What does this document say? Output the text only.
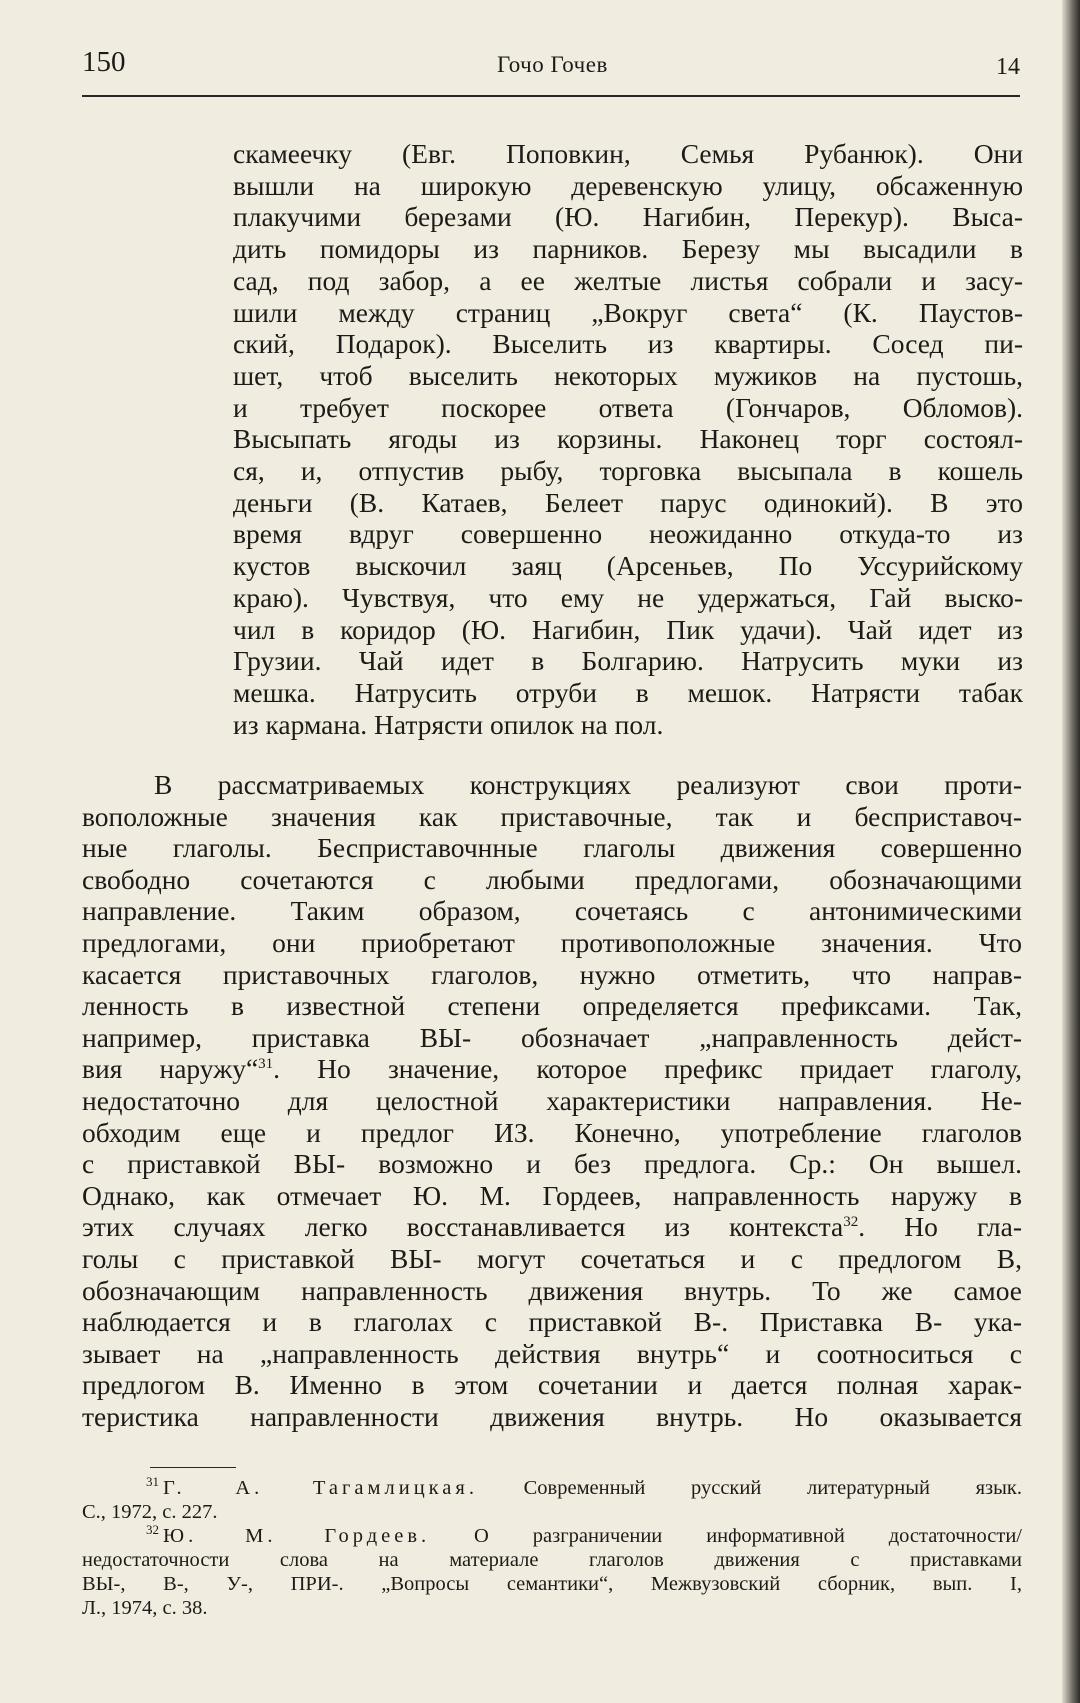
150	Гочо Гочев	14
скамеечку (Евг. Поповкин, Семья Рубанюк). Они
вышли на широкую деревенскую улицу, обсаженную
плакучими березами (Ю. Нагибин, Перекур). Выса-
дить помидоры из парников. Березу мы высадили в
сад, под забор, а ее желтые листья собрали и засу-
шили между страниц „Вокруг света“ (К. Паустов-
ский, Подарок). Выселить из квартиры. Сосед пи-
шет, чтоб выселить некоторых мужиков на пустошь,
и требует поскорее ответа (Гончаров, Обломов).
Высыпать ягоды из корзины. Наконец торг состоял-
ся, и, отпустив рыбу, торговка высыпала в кошель
деньги (В. Катаев, Белеет парус одинокий). В это
время вдруг совершенно неожиданно откуда-то из
кустов выскочил заяц (Арсеньев, По Уссурийскому
краю). Чувствуя, что ему не удержаться, Гай выско-
чил в коридор (Ю. Нагибин, Пик удачи). Чай идет из
Грузии. Чай идет в Болгарию. Натрусить муки из
мешка. Натрусить отруби в мешок. Натрясти табак
из кармана. Натрясти опилок на пол.
В рассматриваемых конструкциях реализуют свои проти-
воположные значения как приставочные, так и бесприставоч-
ные глаголы. Бесприставочнные глаголы движения совершенно
свободно сочетаются с любыми предлогами, обозначающими
направление. Таким образом, сочетаясь с антонимическими
предлогами, они приобретают противоположные значения. Что
касается приставочных глаголов, нужно отметить, что направ-
ленность в известной степени определяется префиксами. Так,
например, приставка ВЫ- обозначает „направленность дейст-
вия наружу“$^{31}$. Но значение, которое префикс придает глаголу,
недостаточно для целостной характеристики направления. Не-
обходим еще и предлог ИЗ. Конечно, употребление глаголов
с приставкой ВЫ- возможно и без предлога. Ср.: Он вышел.
Однако, как отмечает Ю. М. Гордеев, направленность наружу в
этих случаях легко восстанавливается из контекста$^{32}$. Но гла-
голы с приставкой ВЫ- могут сочетаться и с предлогом В,
обозначающим направленность движения внутрь. То же самое
наблюдается и в глаголах с приставкой В-. Приставка В- ука-
зывает на „направленность действия внутрь“ и соотноситься с
предлогом В. Именно в этом сочетании и дается полная харак-
теристика направленности движения внутрь. Но оказывается
$^{31}$ Г. А. Тагамлицкая. Современный русский литературный язык.
С., 1972, с. 227.
$^{32}$ Ю. М. Гордеев. О разграничении информативной достаточности/
недостаточности слова на материале глаголов движения с приставками
ВЫ-, В-, У-, ПРИ-. „Вопросы семантики“, Межвузовский сборник, вып. I,
Л., 1974, с. 38.
